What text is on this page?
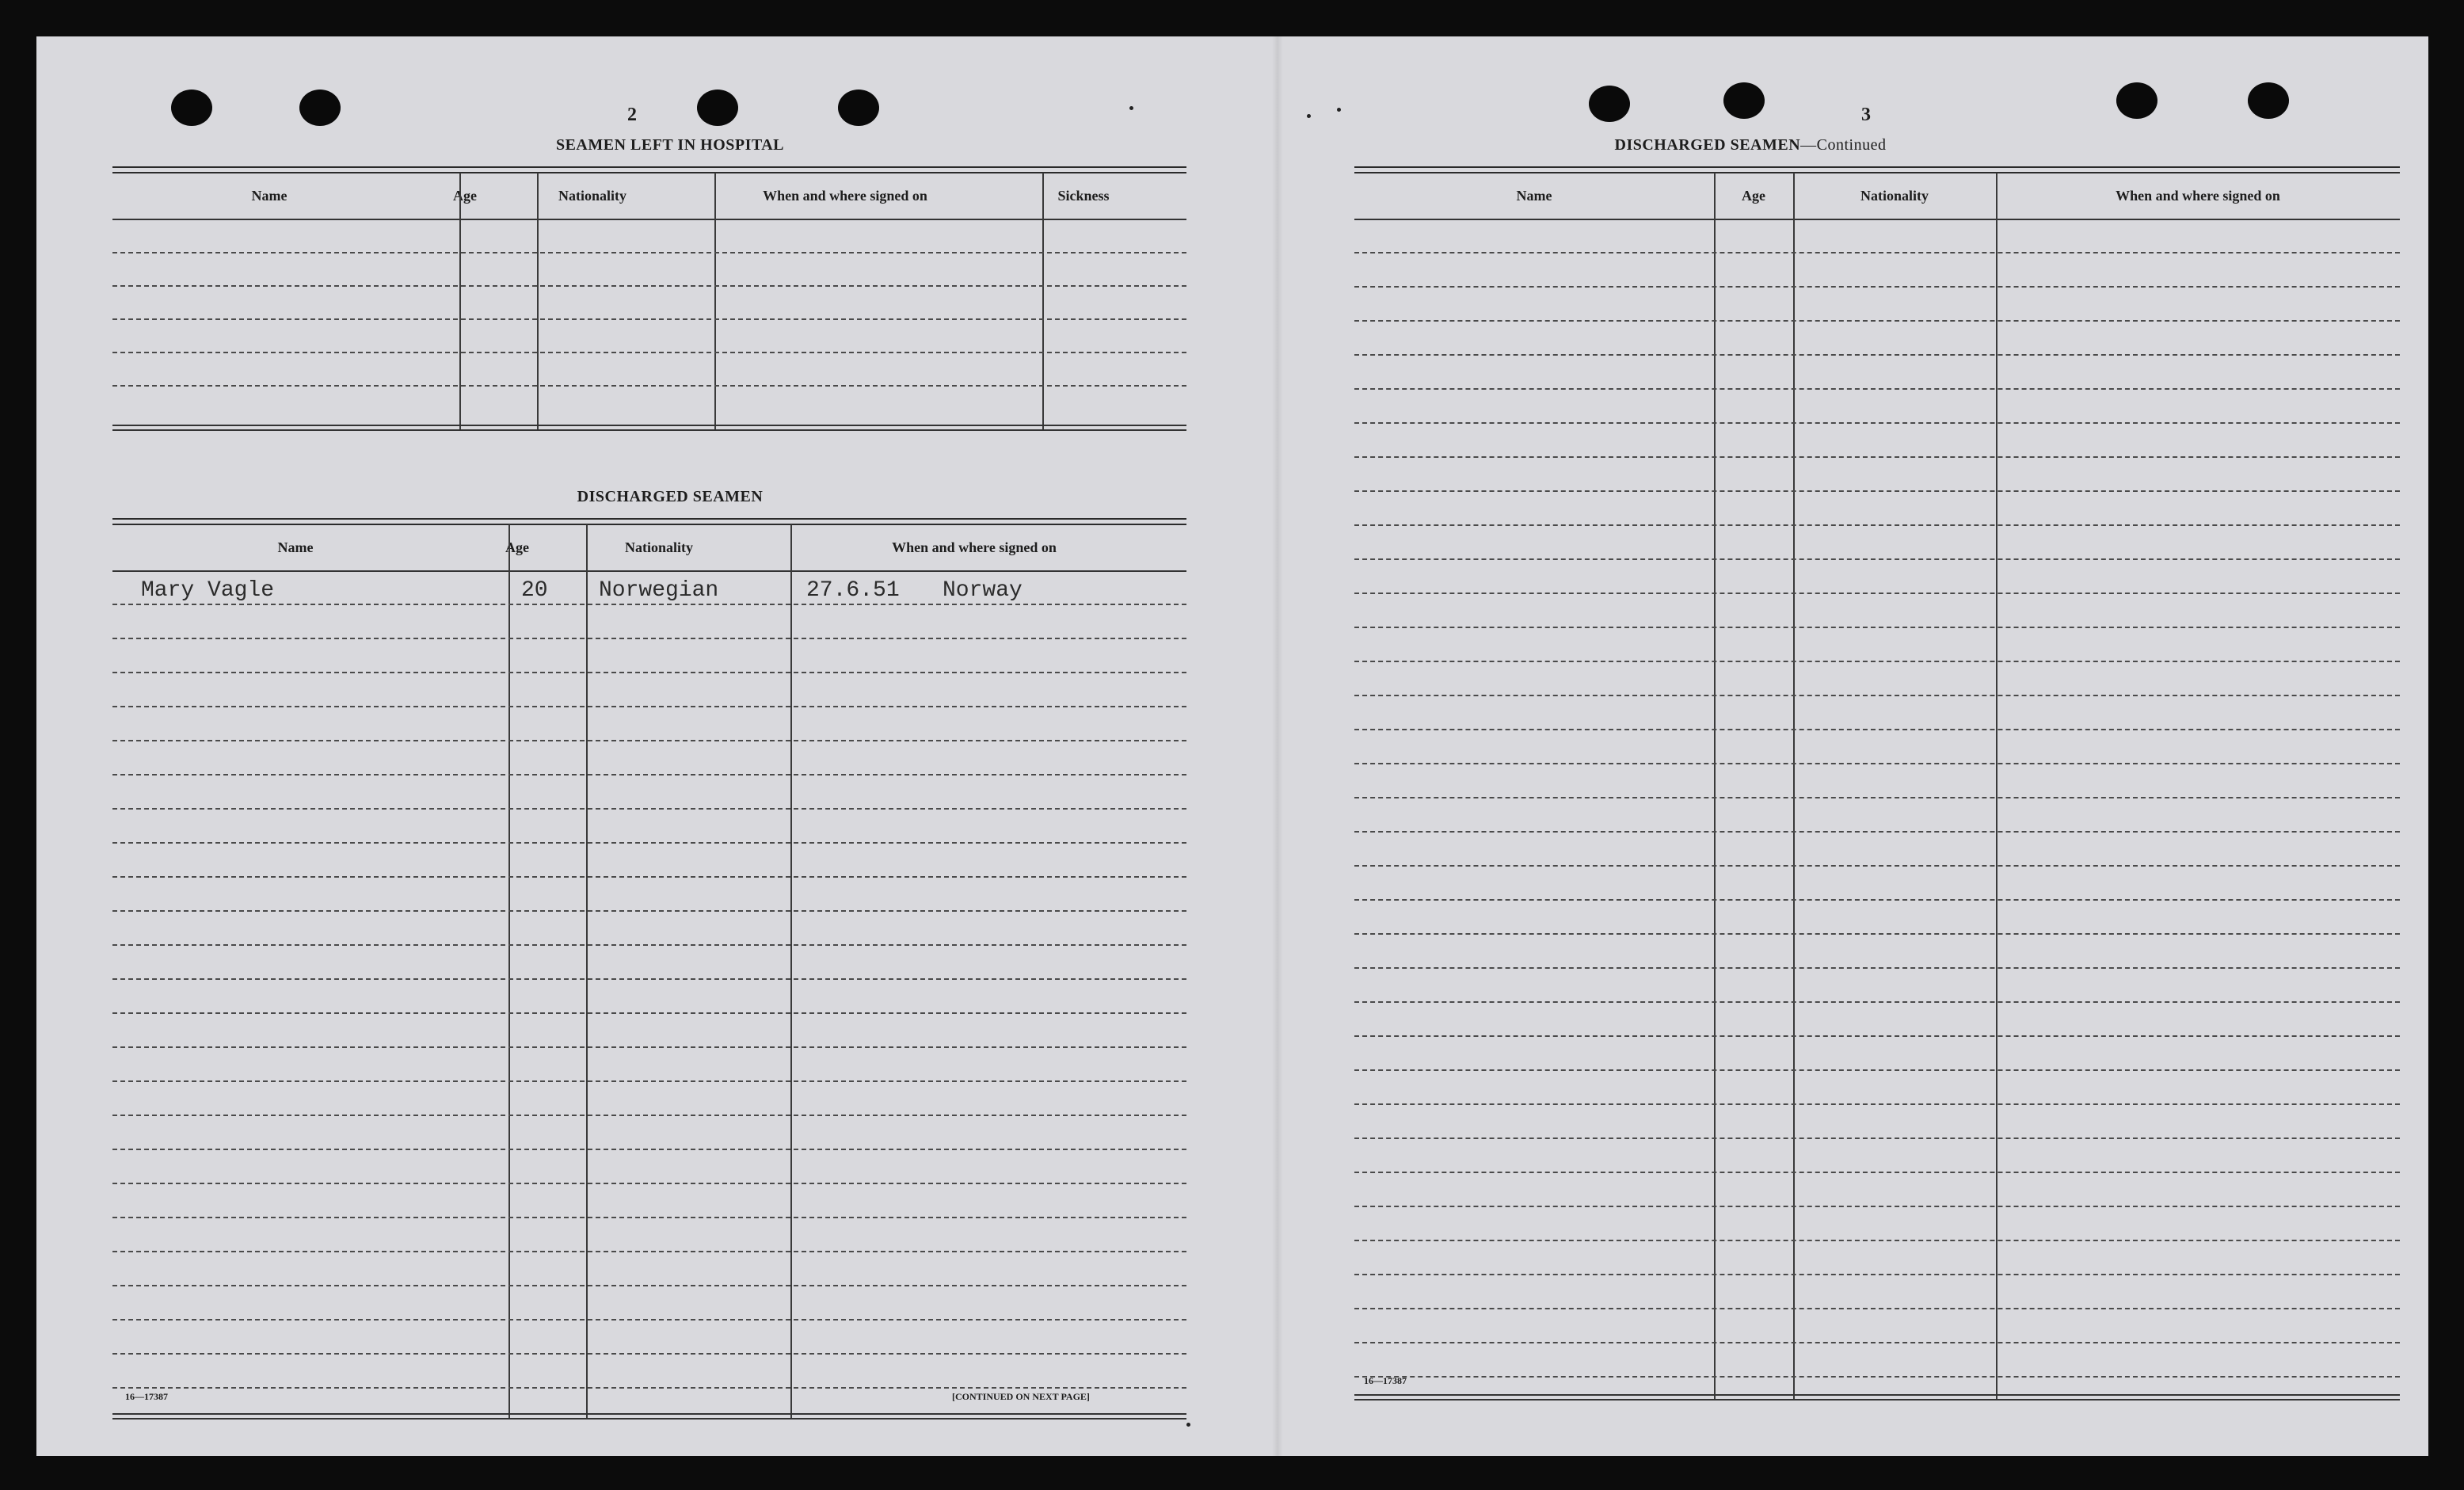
2
SEAMEN LEFT IN HOSPITAL
Name	Age	Nationality	When and where signed on	Sickness
DISCHARGED SEAMEN
Name	Age	Nationality	When and where signed on
Mary Vagle	20 Norwegian	27.6.51 Norway
16—17387	[CONTINUED ON NEXT PAGE]
3
DISCHARGED SEAMEN—Continued
Name	Age	Nationality	When and where signed on
16—17387
